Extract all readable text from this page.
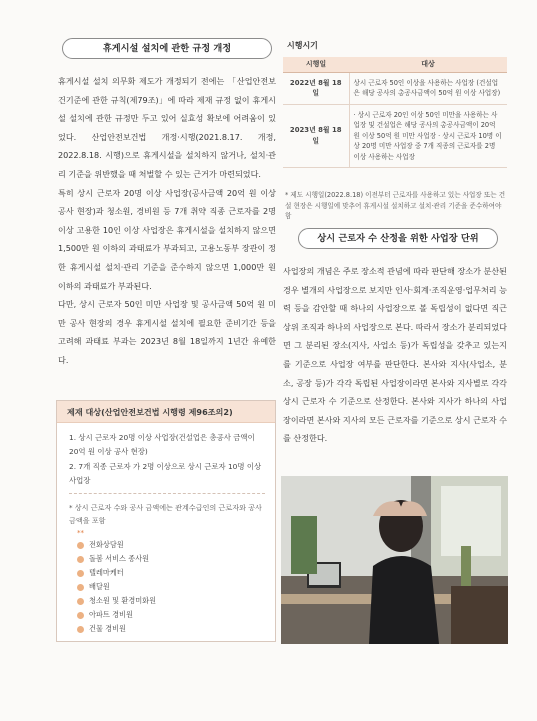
휴게시설 설치에 관한 규정 개정

휴게시설 설치 의무화 제도가 개정되기 전에는 「산업안전보건기준에 관한 규칙(제79조)」에 따라 제재 규정 없이 휴게시설 설치에 관한 규정만 두고 있어 실효성 확보에 어려움이 있었다. 산업안전보건법 개정·시행(2021.8.17. 개정, 2022.8.18. 시행)으로 휴게시설을 설치하지 않거나, 설치·관리 기준을 위반했을 때 처벌할 수 있는 근거가 마련되었다.

특히 상시 근로자 20명 이상 사업장(공사금액 20억 원 이상 공사 현장)과 청소원, 경비원 등 7개 취약 직종 근로자를 2명 이상 고용한 10인 이상 사업장은 휴게시설을 설치하지 않으면 1,500만 원 이하의 과태료가 부과되고, 고용노동부 장관이 정한 휴게시설 설치·관리 기준을 준수하지 않으면 1,000만 원 이하의 과태료가 부과된다.

다만, 상시 근로자 50인 미만 사업장 및 공사금액 50억 원 미만 공사 현장의 경우 휴게시설 설치에 필요한 준비기간 등을 고려해 과태료 부과는 2023년 8월 18일까지 1년간 유예한다.

제재 대상(산업안전보건법 시행령 제96조의2)
1. 상시 근로자 20명 이상 사업장(건설업은 총공사 금액이 20억 원 이상 공사 현장)
2. 7개 직종 근로자 가 2명 이상으로 상시 근로자 10명 이상 사업장
* 상시 근로자 수와 공사 금액에는 관계수급인의 근로자와 공사금액을 포함
**
전화상담원
돌봄 서비스 종사원
텔레마케터
배달원
청소원 및 환경미화원
아파트 경비원
건물 경비원
시행시기
시행일	대상
2022년 8월 18일	상시 근로자 50인 이상을 사용하는 사업장 (건설업은 해당 공사의 총공사금액이 50억 원 이상 사업장)
2023년 8월 18일	· 상시 근로자 20인 이상 50인 미만을 사용하는 사업장 및 건설업은 해당 공사의 총공사금액이 20억 원 이상 50억 원 미만 사업장 · 상시 근로자 10명 이상 20명 미만 사업장 중 7개 직종의 근로자를 2명 이상 사용하는 사업장
* 제도 시행일(2022.8.18) 이전부터 근로자를 사용하고 있는 사업장 또는 건설 현장은 시행일에 맞추어 휴게시설 설치하고 설치·관리 기준을 준수하여야 함
상시 근로자 수 산정을 위한 사업장 단위

사업장의 개념은 주로 장소적 관념에 따라 판단해 장소가 분산된 경우 별개의 사업장으로 보지만 인사·회계·조직운영·업무처리 능력 등을 감안할 때 하나의 사업장으로 볼 독립성이 없다면 직근 상위 조직과 하나의 사업장으로 본다. 따라서 장소가 분리되었다면 그 분리된 장소(지사, 사업소 등)가 독립성을 갖추고 있는지를 기준으로 사업장 여부를 판단한다. 본사와 지사(사업소, 분소, 공장 등)가 각각 독립된 사업장이라면 본사와 지사별로 각각 상시 근로자 수 기준으로 산정한다. 본사와 지사가 하나의 사업장이라면 본사와 지사의 모든 근로자를 기준으로 상시 근로자 수를 산정한다.
